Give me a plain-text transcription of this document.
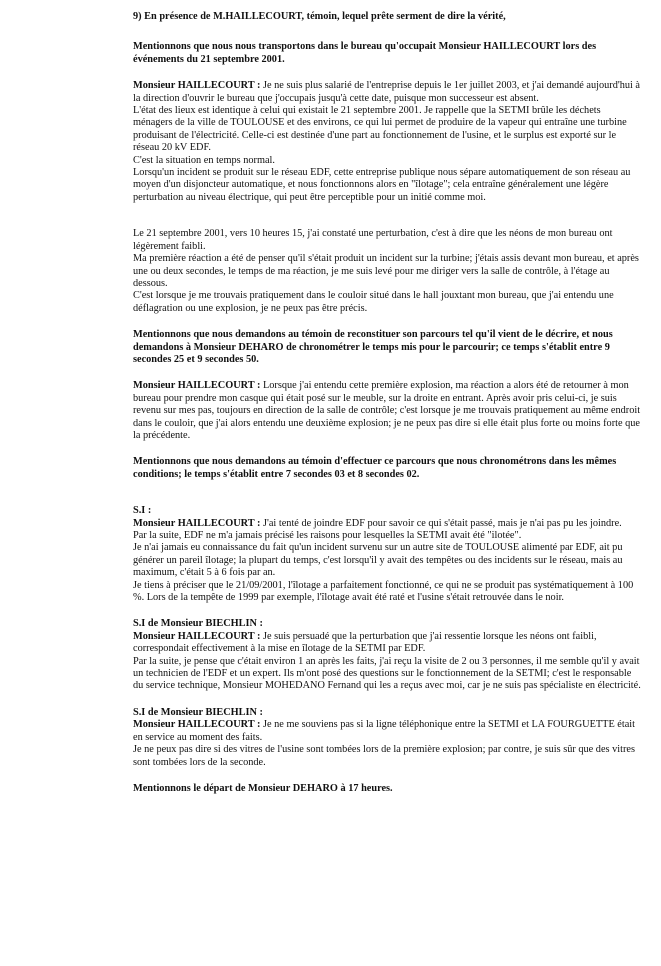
9) En présence de M.HAILLECOURT, témoin, lequel prête serment de dire la vérité,

Mentionnons que nous nous transportons dans le bureau qu'occupait Monsieur HAILLECOURT lors des événements du 21 septembre 2001.

Monsieur HAILLECOURT : Je ne suis plus salarié de l'entreprise depuis le 1er juillet 2003, et j'ai demandé aujourd'hui à la direction d'ouvrir le bureau que j'occupais jusqu'à cette date, puisque mon successeur est absent.

L'état des lieux est identique à celui qui existait le 21 septembre 2001. Je rappelle que la SETMI brûle les déchets ménagers de la ville de TOULOUSE et des environs, ce qui lui permet de produire de la vapeur qui entraîne une turbine produisant de l'électricité. Celle-ci est destinée d'une part au fonctionnement de l'usine, et le surplus est exporté sur le réseau 20 kV EDF.

C'est la situation en temps normal.

Lorsqu'un incident se produit sur le réseau EDF, cette entreprise publique nous sépare automatiquement de son réseau au moyen d'un disjoncteur automatique, et nous fonctionnons alors en "îlotage"; cela entraîne généralement une légère perturbation au niveau électrique, qui peut être perceptible pour un initié comme moi.

Le 21 septembre 2001, vers 10 heures 15, j'ai constaté une perturbation, c'est à dire que les néons de mon bureau ont légèrement faibli.

Ma première réaction a été de penser qu'il s'était produit un incident sur la turbine; j'étais assis devant mon bureau, et après une ou deux secondes, le temps de ma réaction, je me suis levé pour me diriger vers la salle de contrôle, à l'étage au dessous.

C'est lorsque je me trouvais pratiquement dans le couloir situé dans le hall jouxtant mon bureau, que j'ai entendu une déflagration ou une explosion, je ne peux pas être précis.

Mentionnons que nous demandons au témoin de reconstituer son parcours tel qu'il vient de le décrire, et nous demandons à Monsieur DEHARO de chronométrer le temps mis pour le parcourir; ce temps s'établit entre 9 secondes 25 et 9 secondes 50.

Monsieur HAILLECOURT : Lorsque j'ai entendu cette première explosion, ma réaction a alors été de retourner à mon bureau pour prendre mon casque qui était posé sur le meuble, sur la droite en entrant. Après avoir pris celui-ci, je suis revenu sur mes pas, toujours en direction de la salle de contrôle; c'est lorsque je me trouvais pratiquement au même endroit dans le couloir, que j'ai alors entendu une deuxième explosion; je ne peux pas dire si elle était plus forte ou moins forte que la précédente.

Mentionnons que nous demandons au témoin d'effectuer ce parcours que nous chronométrons dans les mêmes conditions; le temps s'établit entre 7 secondes 03 et 8 secondes 02.

S.I :

Monsieur HAILLECOURT : J'ai tenté de joindre EDF pour savoir ce qui s'était passé, mais je n'ai pas pu les joindre.

Par la suite, EDF ne m'a jamais précisé les raisons pour lesquelles la SETMI avait été "ilotée".

Je n'ai jamais eu connaissance du fait qu'un incident survenu sur un autre site de TOULOUSE alimenté par EDF, ait pu générer un pareil îlotage; la plupart du temps, c'est lorsqu'il y avait des tempêtes ou des incidents sur le réseau, mais au maximum, c'était 5 à 6 fois par an.

Je tiens à préciser que le 21/09/2001, l'îlotage a parfaitement fonctionné, ce qui ne se produit pas systématiquement à 100 %. Lors de la tempête de 1999 par exemple, l'îlotage avait été raté et l'usine s'était retrouvée dans le noir.

S.I de Monsieur BIECHLIN :

Monsieur HAILLECOURT : Je suis persuadé que la perturbation que j'ai ressentie lorsque les néons ont faibli, correspondait effectivement à la mise en îlotage de la SETMI par EDF.

Par la suite, je pense que c'était environ 1 an après les faits, j'ai reçu la visite de 2 ou 3 personnes, il me semble qu'il y avait un technicien de l'EDF et un expert. Ils m'ont posé des questions sur le fonctionnement de la SETMI; c'est le responsable du service technique, Monsieur MOHEDANO Fernand qui les a reçus avec moi, car je ne suis pas spécialiste en électricité.

S.I de Monsieur BIECHLIN :

Monsieur HAILLECOURT : Je ne me souviens pas si la ligne téléphonique entre la SETMI et LA FOURGUETTE était en service au moment des faits.

Je ne peux pas dire si des vitres de l'usine sont tombées lors de la première explosion; par contre, je suis sûr que des vitres sont tombées lors de la seconde.

Mentionnons le départ de Monsieur DEHARO à 17 heures.
